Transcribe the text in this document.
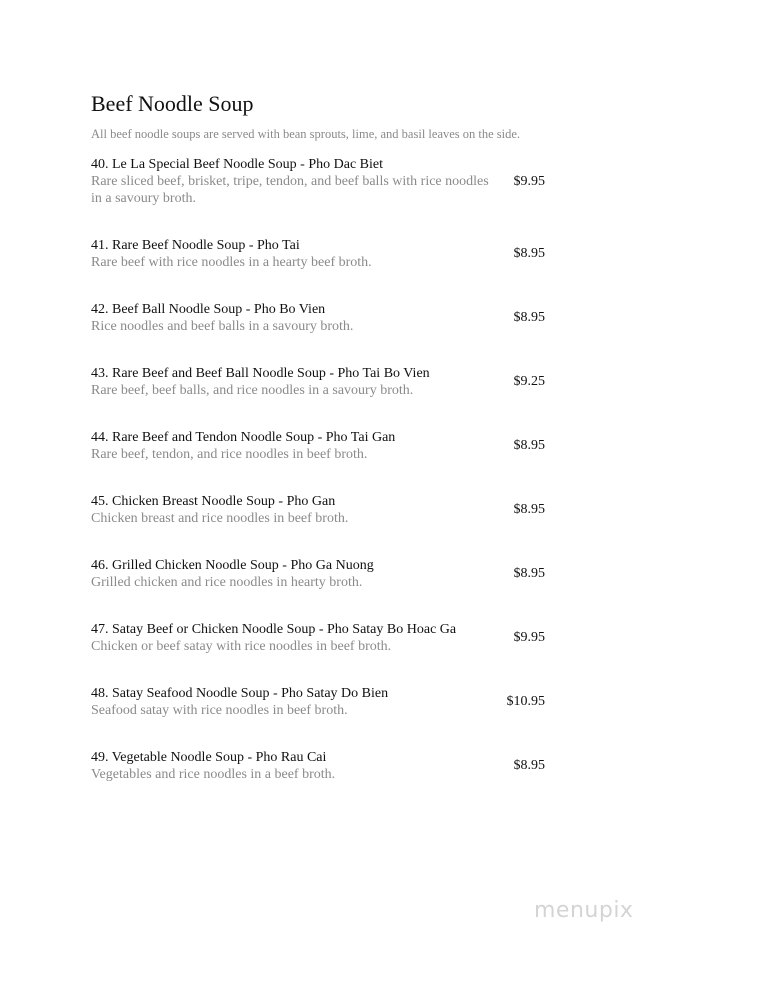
Beef Noodle Soup
All beef noodle soups are served with bean sprouts, lime, and basil leaves on the side.
40. Le La Special Beef Noodle Soup - Pho Dac Biet
Rare sliced beef, brisket, tripe, tendon, and beef balls with rice noodles in a savoury broth.
$9.95
41. Rare Beef Noodle Soup - Pho Tai
Rare beef with rice noodles in a hearty beef broth.
$8.95
42. Beef Ball Noodle Soup - Pho Bo Vien
Rice noodles and beef balls in a savoury broth.
$8.95
43. Rare Beef and Beef Ball Noodle Soup - Pho Tai Bo Vien
Rare beef, beef balls, and rice noodles in a savoury broth.
$9.25
44. Rare Beef and Tendon Noodle Soup - Pho Tai Gan
Rare beef, tendon, and rice noodles in beef broth.
$8.95
45. Chicken Breast Noodle Soup - Pho Gan
Chicken breast and rice noodles in beef broth.
$8.95
46. Grilled Chicken Noodle Soup - Pho Ga Nuong
Grilled chicken and rice noodles in hearty broth.
$8.95
47. Satay Beef or Chicken Noodle Soup - Pho Satay Bo Hoac Ga
Chicken or beef satay with rice noodles in beef broth.
$9.95
48. Satay Seafood Noodle Soup - Pho Satay Do Bien
Seafood satay with rice noodles in beef broth.
$10.95
49. Vegetable Noodle Soup - Pho Rau Cai
Vegetables and rice noodles in a beef broth.
$8.95
menupix
